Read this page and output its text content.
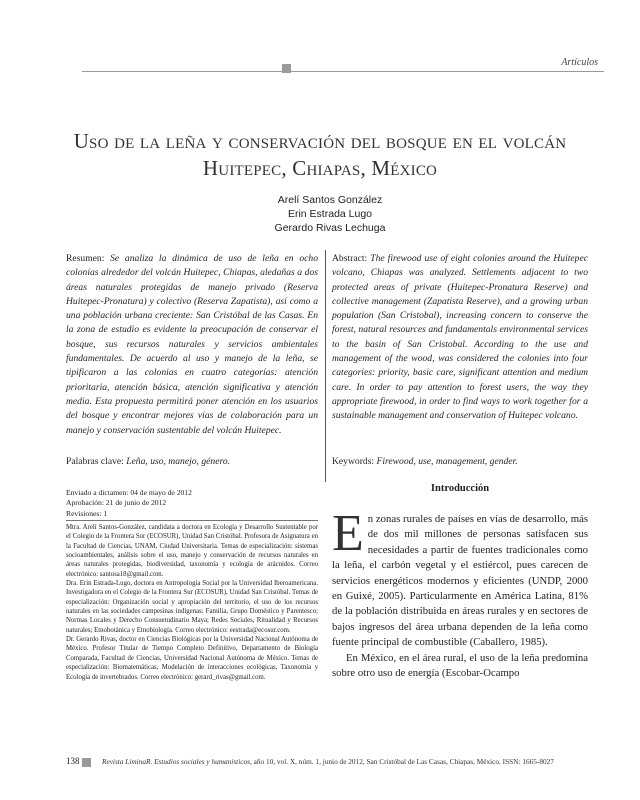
Artículos
Uso de la leña y conservación del bosque en el volcán
Huitepec, Chiapas, México
Arelí Santos González
Erin Estrada Lugo
Gerardo Rivas Lechuga
Resumen: Se analiza la dinámica de uso de leña en ocho colonias alrededor del volcán Huitepec, Chiapas, aledañas a dos áreas naturales protegidas de manejo privado (Reserva Huitepec-Pronatura) y colectivo (Reserva Zapatista), así como a una población urbana creciente: San Cristóbal de las Casas. En la zona de estudio es evidente la preocupación de conservar el bosque, sus recursos naturales y servicios ambientales fundamentales. De acuerdo al uso y manejo de la leña, se tipificaron a las colonias en cuatro categorías: atención prioritaria, atención básica, atención significativa y atención media. Esta propuesta permitirá poner atención en los usuarios del bosque y encontrar mejores vías de colaboración para un manejo y conservación sustentable del volcán Huitepec.
Abstract: The firewood use of eight colonies around the Huitepec volcano, Chiapas was analyzed. Settlements adjacent to two protected areas of private (Huitepec-Pronatura Reserve) and collective management (Zapatista Reserve), and a growing urban population (San Cristobal), increasing concern to conserve the forest, natural resources and fundamentals environmental services to the basin of San Cristobal. According to the use and management of the wood, was considered the colonies into four categories: priority, basic care, significant attention and medium care. In order to pay attention to forest users, the way they appropriate firewood, in order to find ways to work together for a sustainable management and conservation of Huitepec volcano.
Palabras clave: Leña, uso, manejo, género.	Keywords: Firewood, use, management, gender.
Enviado a dictamen: 04 de mayo de 2012
Aprobación: 21 de junio de 2012
Revisiones: 1

Mtra. Arelí Santos-González, candidata a doctora en Ecología y Desarrollo Sustentable por el Colegio de la Frontera Sur (ECOSUR), Unidad San Cristóbal. Profesora de Asignatura en la Facultad de Ciencias, UNAM, Ciudad Universitaria. Temas de especialización: sistemas socioambientales, análisis sobre el uso, manejo y conservación de recursos naturales en áreas naturales protegidas, biodiversidad, taxonomía y ecología de arácnidos. Correo electrónico: santosa18@gmail.com.

Dra. Erin Estrada-Lugo, doctora en Antropología Social por la Universidad Iberoamericana. Investigadora en el Colegio de la Frontera Sur (ECOSUR), Unidad San Cristóbal. Temas de especialización: Organización social y apropiación del territorio, el uso de los recursos naturales en las sociedades campesinas indígenas: Familia, Grupo Doméstico y Parentesco; Normas Locales y Derecho Consuetudinario Maya; Redes Sociales, Ritualidad y Recursos naturales; Etnobotánica y Etnobiología. Correo electrónico: eestrada@ecosur.com.

Dr. Gerardo Rivas, doctor en Ciencias Biológicas por la Universidad Nacional Autónoma de México. Profesor Titular de Tiempo Completo Definitivo, Departamento de Biología Comparada, Facultad de Ciencias, Universidad Nacional Autónoma de México. Temas de especialización: Biomatemáticas, Modelación de interacciones ecológicas, Taxonomía y Ecología de invertebrados. Correo electrónico: gerard_rivas@gmail.com.

Introducción

En zonas rurales de países en vías de desarrollo, más de dos mil millones de personas satisfacen sus necesidades a partir de fuentes tradicionales como la leña, el carbón vegetal y el estiércol, pues carecen de servicios energéticos modernos y eficientes (UNDP, 2000 en Guixé, 2005). Particularmente en América Latina, 81% de la población distribuida en áreas rurales y en sectores de bajos ingresos del área urbana dependen de la leña como fuente principal de combustible (Caballero, 1985).

En México, en el área rural, el uso de la leña predomina sobre otro uso de energía (Escobar-Ocampo

138	Revista LiminaR. Estudios sociales y humanísticos, año 10, vol. X, núm. 1, junio de 2012, San Cristóbal de Las Casas, Chiapas, México. ISSN: 1665-8027
